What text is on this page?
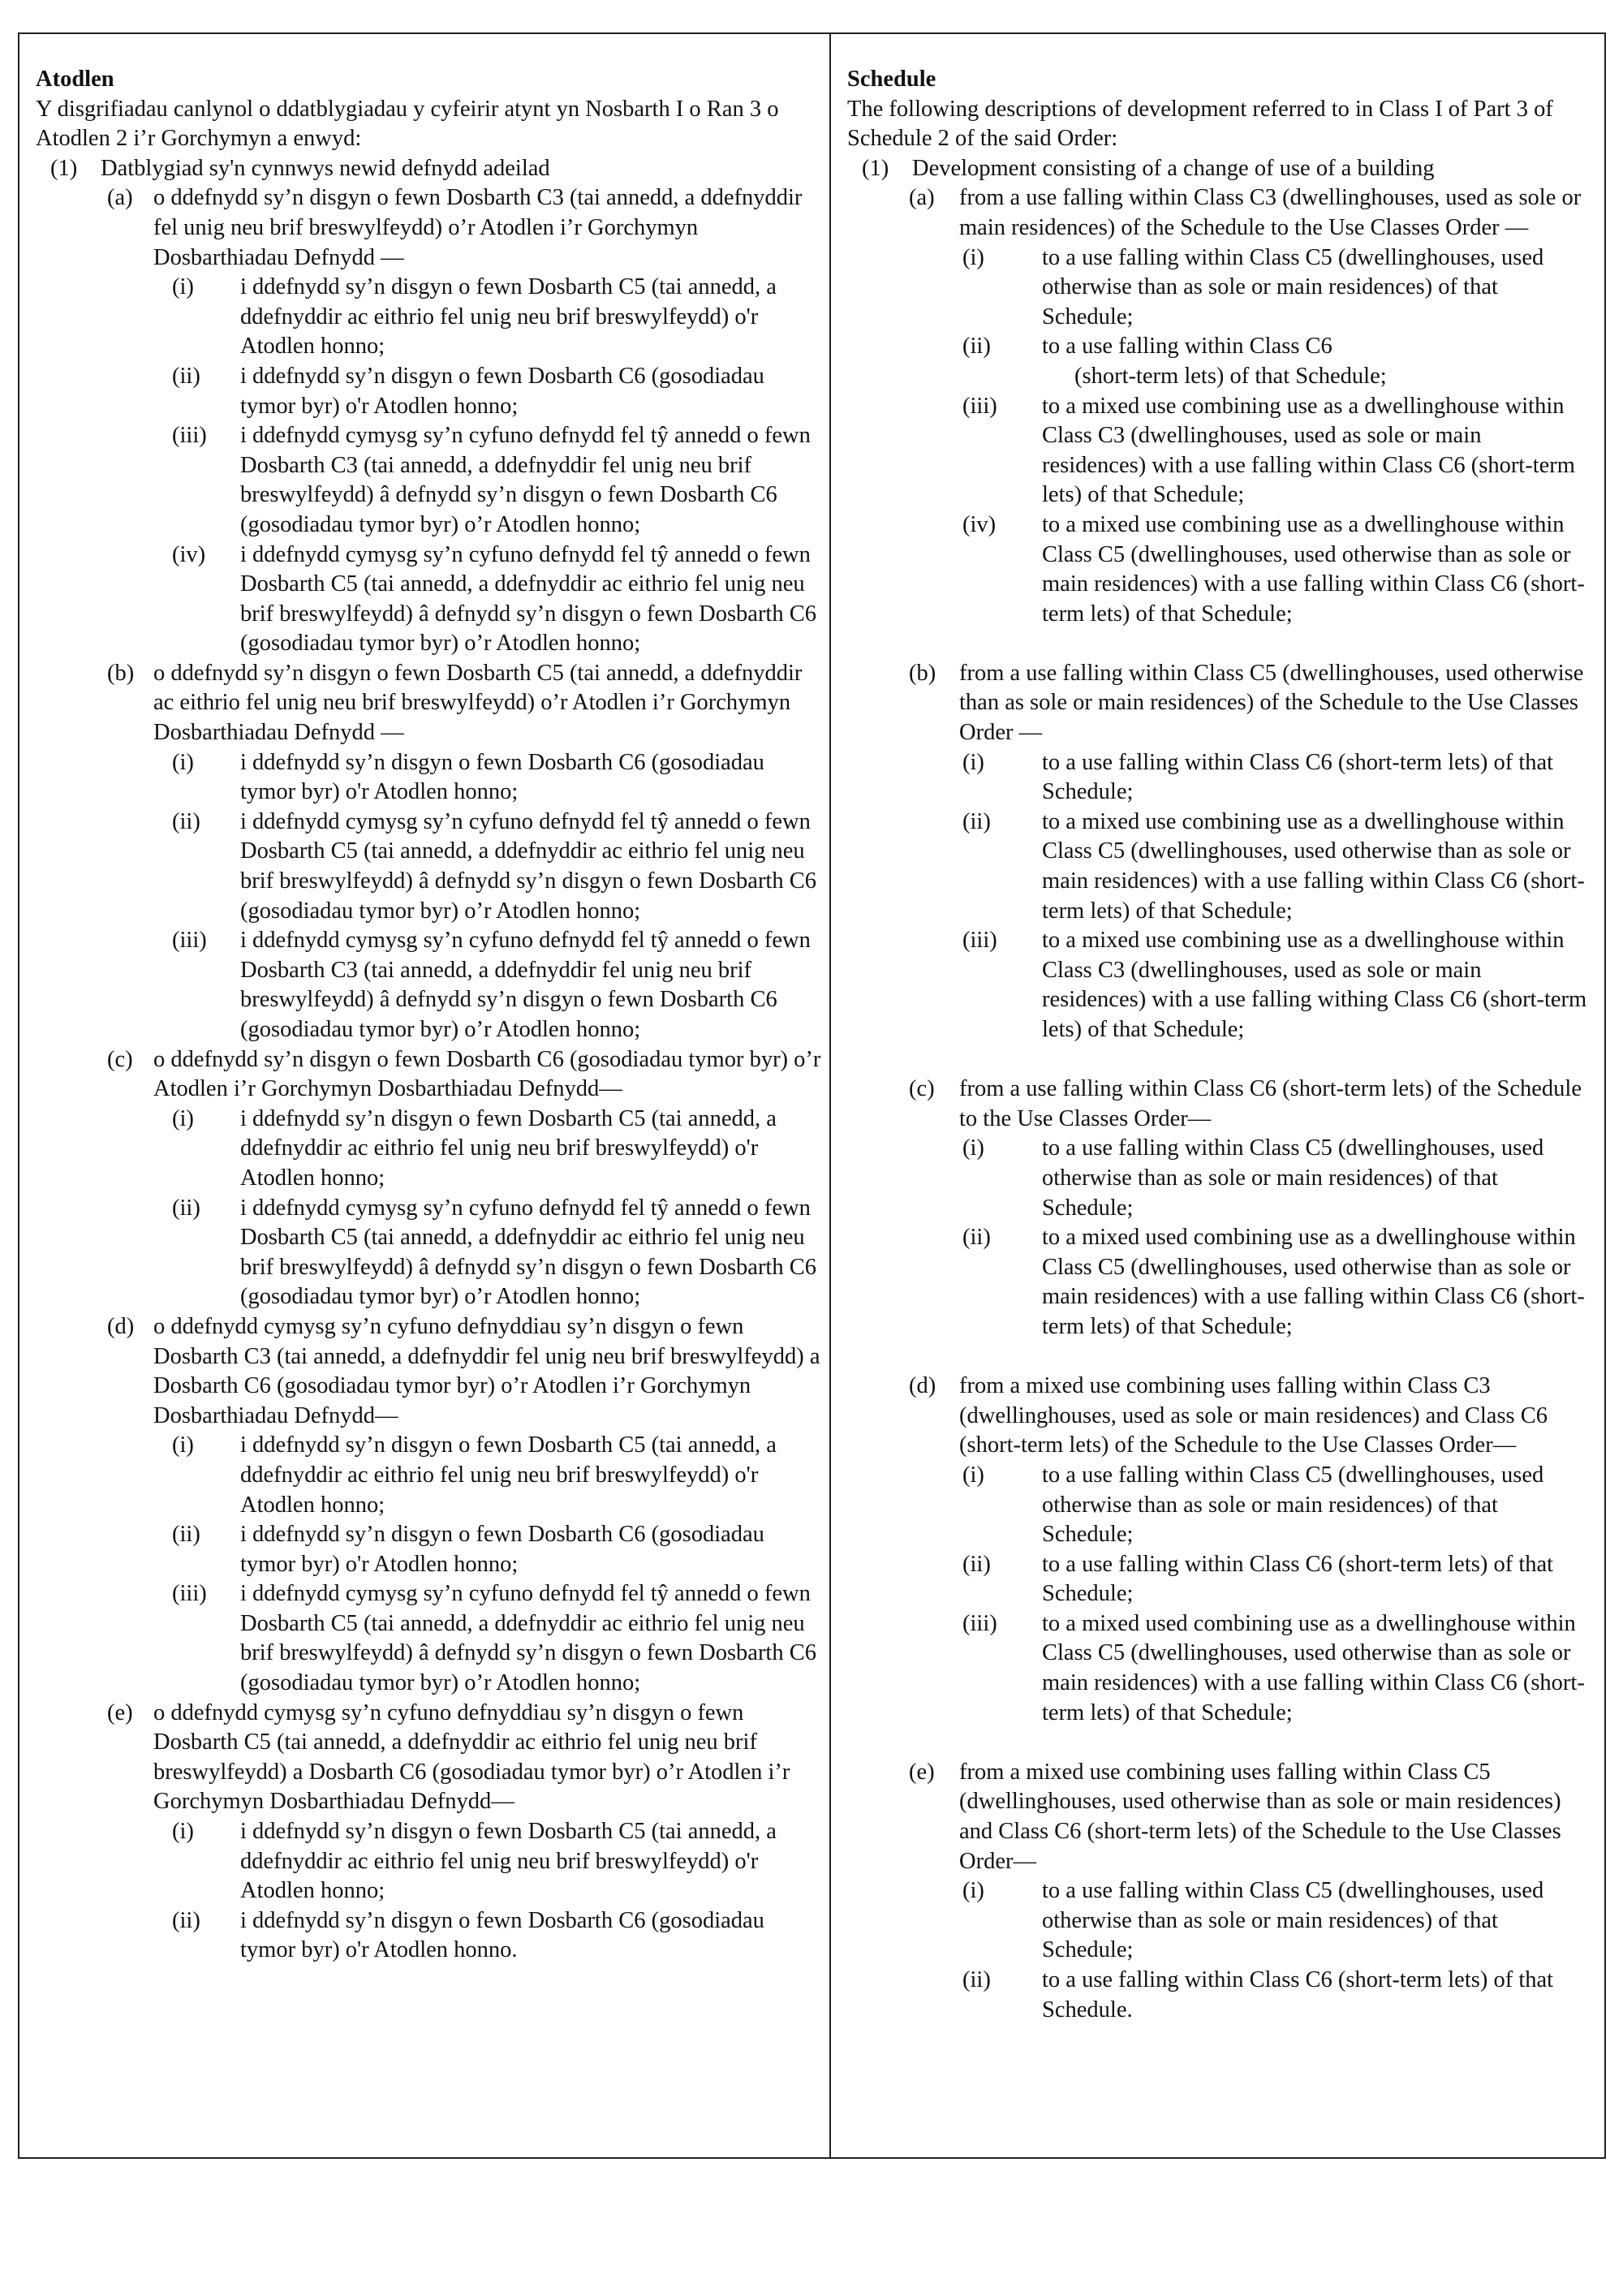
Atodlen

Y disgrifiadau canlynol o ddatblygiadau y cyfeirir atynt yn Nosbarth I o Ran 3 o Atodlen 2 i’r Gorchymyn a enwyd:

(1) Datblygiad sy'n cynnwys newid defnydd adeilad
(a) o ddefnydd sy’n disgyn o fewn Dosbarth C3 (tai annedd, a ddefnyddir fel unig neu brif breswylfeydd) o’r Atodlen i’r Gorchymyn Dosbarthiadau Defnydd —
(i) i ddefnydd sy’n disgyn o fewn Dosbarth C5 (tai annedd, a ddefnyddir ac eithrio fel unig neu brif breswylfeydd) o'r Atodlen honno;
(ii) i ddefnydd sy’n disgyn o fewn Dosbarth C6 (gosodiadau tymor byr) o'r Atodlen honno;
(iii) i ddefnydd cymysg sy’n cyfuno defnydd fel tŷ annedd o fewn Dosbarth C3 (tai annedd, a ddefnyddir fel unig neu brif breswylfeydd) â defnydd sy’n disgyn o fewn Dosbarth C6 (gosodiadau tymor byr) o’r Atodlen honno;
(iv) i ddefnydd cymysg sy’n cyfuno defnydd fel tŷ annedd o fewn Dosbarth C5 (tai annedd, a ddefnyddir ac eithrio fel unig neu brif breswylfeydd) â defnydd sy’n disgyn o fewn Dosbarth C6 (gosodiadau tymor byr) o’r Atodlen honno;
(b) o ddefnydd sy’n disgyn o fewn Dosbarth C5 (tai annedd, a ddefnyddir ac eithrio fel unig neu brif breswylfeydd) o’r Atodlen i’r Gorchymyn Dosbarthiadau Defnydd —
(i) i ddefnydd sy’n disgyn o fewn Dosbarth C6 (gosodiadau tymor byr) o'r Atodlen honno;
(ii) i ddefnydd cymysg sy’n cyfuno defnydd fel tŷ annedd o fewn Dosbarth C5 (tai annedd, a ddefnyddir ac eithrio fel unig neu brif breswylfeydd) â defnydd sy’n disgyn o fewn Dosbarth C6 (gosodiadau tymor byr) o’r Atodlen honno;
(iii) i ddefnydd cymysg sy’n cyfuno defnydd fel tŷ annedd o fewn Dosbarth C3 (tai annedd, a ddefnyddir fel unig neu brif breswylfeydd) â defnydd sy’n disgyn o fewn Dosbarth C6 (gosodiadau tymor byr) o’r Atodlen honno;
(c) o ddefnydd sy’n disgyn o fewn Dosbarth C6 (gosodiadau tymor byr) o’r Atodlen i’r Gorchymyn Dosbarthiadau Defnydd—
(i) i ddefnydd sy’n disgyn o fewn Dosbarth C5 (tai annedd, a ddefnyddir ac eithrio fel unig neu brif breswylfeydd) o'r Atodlen honno;
(ii) i ddefnydd cymysg sy’n cyfuno defnydd fel tŷ annedd o fewn Dosbarth C5 (tai annedd, a ddefnyddir ac eithrio fel unig neu brif breswylfeydd) â defnydd sy’n disgyn o fewn Dosbarth C6 (gosodiadau tymor byr) o’r Atodlen honno;
(d) o ddefnydd cymysg sy’n cyfuno defnyddiau sy’n disgyn o fewn Dosbarth C3 (tai annedd, a ddefnyddir fel unig neu brif breswylfeydd) a Dosbarth C6 (gosodiadau tymor byr) o’r Atodlen i’r Gorchymyn Dosbarthiadau Defnydd—
(i) i ddefnydd sy’n disgyn o fewn Dosbarth C5 (tai annedd, a ddefnyddir ac eithrio fel unig neu brif breswylfeydd) o'r Atodlen honno;
(ii) i ddefnydd sy’n disgyn o fewn Dosbarth C6 (gosodiadau tymor byr) o'r Atodlen honno;
(iii) i ddefnydd cymysg sy’n cyfuno defnydd fel tŷ annedd o fewn Dosbarth C5 (tai annedd, a ddefnyddir ac eithrio fel unig neu brif breswylfeydd) â defnydd sy’n disgyn o fewn Dosbarth C6 (gosodiadau tymor byr) o’r Atodlen honno;
(e) o ddefnydd cymysg sy’n cyfuno defnyddiau sy’n disgyn o fewn Dosbarth C5 (tai annedd, a ddefnyddir ac eithrio fel unig neu brif breswylfeydd) a Dosbarth C6 (gosodiadau tymor byr) o’r Atodlen i’r Gorchymyn Dosbarthiadau Defnydd—
(i) i ddefnydd sy’n disgyn o fewn Dosbarth C5 (tai annedd, a ddefnyddir ac eithrio fel unig neu brif breswylfeydd) o'r Atodlen honno;
(ii) i ddefnydd sy’n disgyn o fewn Dosbarth C6 (gosodiadau tymor byr) o'r Atodlen honno.
Schedule

The following descriptions of development referred to in Class I of Part 3 of Schedule 2 of the said Order:

(1) Development consisting of a change of use of a building
(a) from a use falling within Class C3 (dwellinghouses, used as sole or main residences) of the Schedule to the Use Classes Order —
(i) to a use falling within Class C5 (dwellinghouses, used otherwise than as sole or main residences) of that Schedule;
(ii) to a use falling within Class C6
(short-term lets) of that Schedule;
(iii) to a mixed use combining use as a dwellinghouse within Class C3 (dwellinghouses, used as sole or main residences) with a use falling within Class C6 (short-term lets) of that Schedule;
(iv) to a mixed use combining use as a dwellinghouse within Class C5 (dwellinghouses, used otherwise than as sole or main residences) with a use falling within Class C6 (short-term lets) of that Schedule;
(b) from a use falling within Class C5 (dwellinghouses, used otherwise than as sole or main residences) of the Schedule to the Use Classes Order —
(i) to a use falling within Class C6 (short-term lets) of that Schedule;
(ii) to a mixed use combining use as a dwellinghouse within Class C5 (dwellinghouses, used otherwise than as sole or main residences) with a use falling within Class C6 (short-term lets) of that Schedule;
(iii) to a mixed use combining use as a dwellinghouse within Class C3 (dwellinghouses, used as sole or main residences) with a use falling withing Class C6 (short-term lets) of that Schedule;
(c) from a use falling within Class C6 (short-term lets) of the Schedule to the Use Classes Order—
(i) to a use falling within Class C5 (dwellinghouses, used otherwise than as sole or main residences) of that Schedule;
(ii) to a mixed used combining use as a dwellinghouse within Class C5 (dwellinghouses, used otherwise than as sole or main residences) with a use falling within Class C6 (short-term lets) of that Schedule;
(d) from a mixed use combining uses falling within Class C3 (dwellinghouses, used as sole or main residences) and Class C6 (short-term lets) of the Schedule to the Use Classes Order—
(i) to a use falling within Class C5 (dwellinghouses, used otherwise than as sole or main residences) of that Schedule;
(ii) to a use falling within Class C6 (short-term lets) of that Schedule;
(iii) to a mixed used combining use as a dwellinghouse within Class C5 (dwellinghouses, used otherwise than as sole or main residences) with a use falling within Class C6 (short-term lets) of that Schedule;
(e) from a mixed use combining uses falling within Class C5 (dwellinghouses, used otherwise than as sole or main residences) and Class C6 (short-term lets) of the Schedule to the Use Classes Order—
(i) to a use falling within Class C5 (dwellinghouses, used otherwise than as sole or main residences) of that Schedule;
(ii) to a use falling within Class C6 (short-term lets) of that Schedule.
